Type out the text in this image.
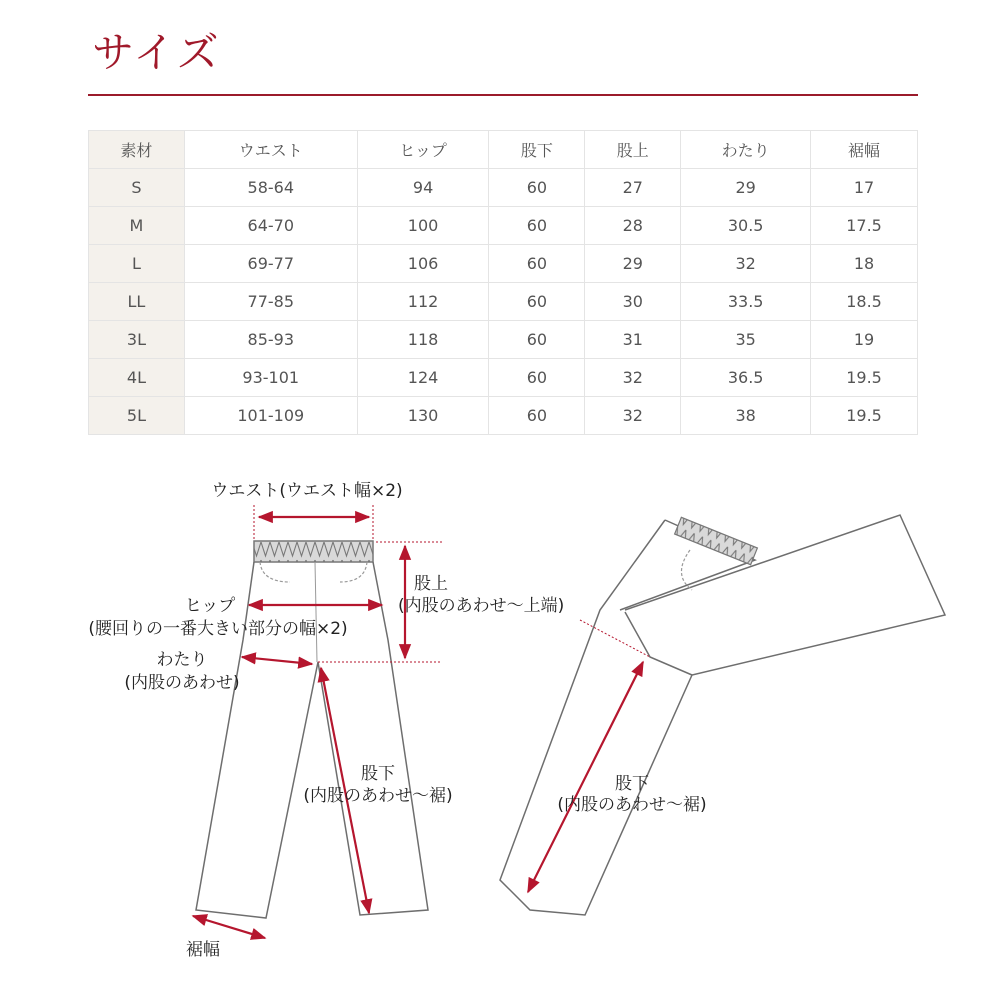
サイズ
素材	ウエスト	ヒップ	股下	股上	わたり	裾幅
S	58-64	94	60	27	29	17
M	64-70	100	60	28	30.5	17.5
L	69-77	106	60	29	32	18
LL	77-85	112	60	30	33.5	18.5
3L	85-93	118	60	31	35	19
4L	93-101	124	60	32	36.5	19.5
5L	101-109	130	60	32	38	19.5
ウエスト(ウエスト幅×2)
ヒップ
(腰回りの一番大きい部分の幅×2)
股上
(内股のあわせ～上端)
わたり
(内股のあわせ)
股下
(内股のあわせ～裾)
裾幅
股下
(内股のあわせ～裾)
